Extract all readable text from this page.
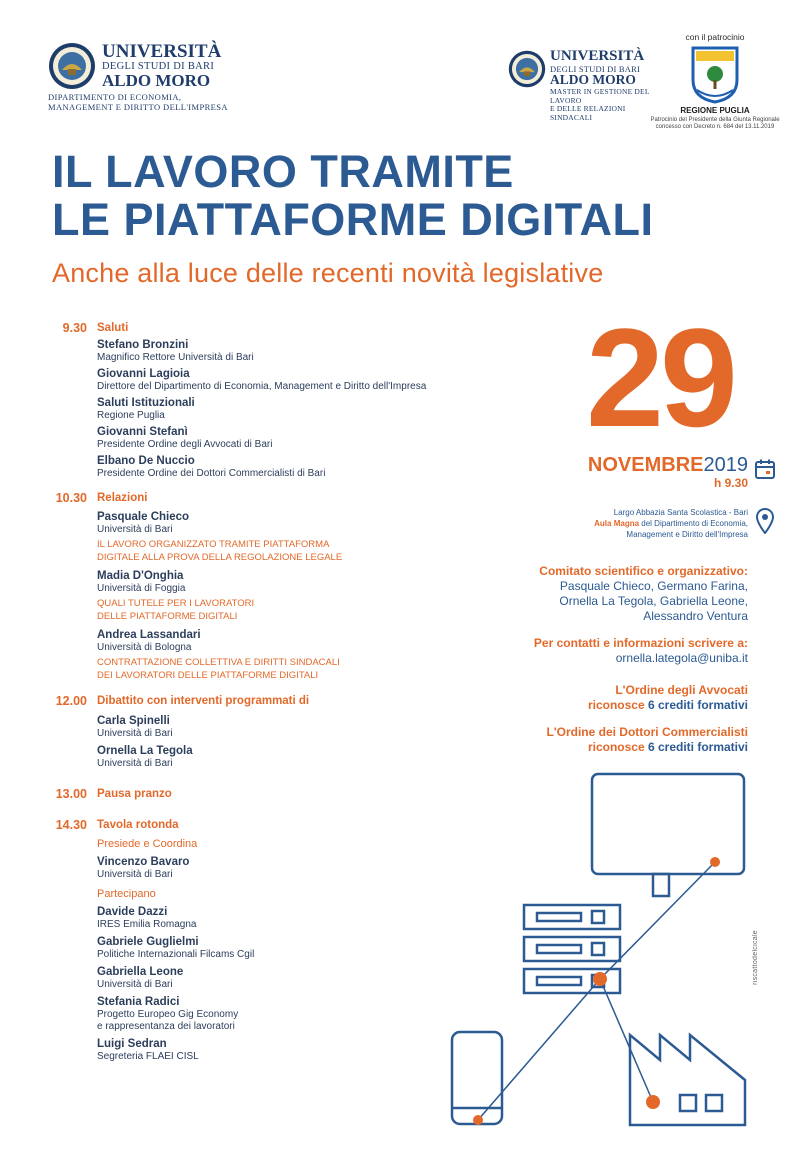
UNIVERSITÀ
DEGLI STUDI DI BARI
ALDO MORO
DIPARTIMENTO DI ECONOMIA,
MANAGEMENT E DIRITTO DELL'IMPRESA
UNIVERSITÀ
DEGLI STUDI DI BARI
ALDO MORO
MASTER IN GESTIONE DEL LAVORO
E DELLE RELAZIONI SINDACALI
con il patrocinio
REGIONE PUGLIA
Patrocinio del Presidente della Giunta Regionale
concesso con Decreto n. 684 del 13.11.2019
IL LAVORO TRAMITE
LE PIATTAFORME DIGITALI
Anche alla luce delle recenti novità legislative
9.30 Saluti
Stefano Bronzini
Magnifico Rettore Università di Bari
Giovanni Lagioia
Direttore del Dipartimento di Economia, Management e Diritto dell'Impresa
Saluti Istituzionali
Regione Puglia
Giovanni Stefanì
Presidente Ordine degli Avvocati di Bari
Elbano De Nuccio
Presidente Ordine dei Dottori Commercialisti di Bari
10.30 Relazioni
Pasquale Chieco
Università di Bari
IL LAVORO ORGANIZZATO TRAMITE PIATTAFORMA
DIGITALE ALLA PROVA DELLA REGOLAZIONE LEGALE
Madia D'Onghia
Università di Foggia
QUALI TUTELE PER I LAVORATORI
DELLE PIATTAFORME DIGITALI
Andrea Lassandari
Università di Bologna
CONTRATTAZIONE COLLETTIVA E DIRITTI SINDACALI
DEI LAVORATORI DELLE PIATTAFORME DIGITALI
12.00 Dibattito con interventi programmati di
Carla Spinelli
Università di Bari
Ornella La Tegola
Università di Bari
13.00 Pausa pranzo
14.30 Tavola rotonda
Presiede e Coordina
Vincenzo Bavaro
Università di Bari
Partecipano
Davide Dazzi
IRES Emilia Romagna
Gabriele Guglielmi
Politiche Internazionali Filcams Cgil
Gabriella Leone
Università di Bari
Stefania Radici
Progetto Europeo Gig Economy
e rappresentanza dei lavoratori
Luigi Sedran
Segreteria FLAEI CISL
29
NOVEMBRE2019
h 9.30
Largo Abbazia Santa Scolastica - Bari
Aula Magna del Dipartimento di Economia,
Management e Diritto dell'Impresa
Comitato scientifico e organizzativo:
Pasquale Chieco, Germano Farina,
Ornella La Tegola, Gabriella Leone,
Alessandro Ventura
Per contatti e informazioni scrivere a:
ornella.lategola@uniba.it
L'Ordine degli Avvocati
riconosce 6 crediti formativi
L'Ordine dei Dottori Commercialisti
riconosce 6 crediti formativi
riscattodelcicale
